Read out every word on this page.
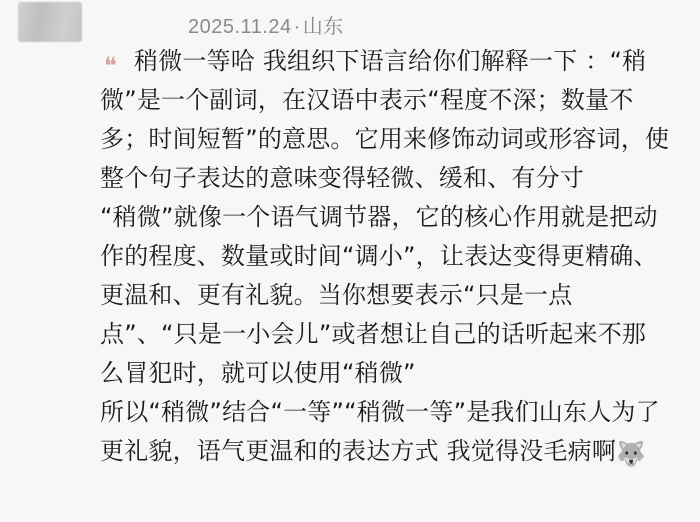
2025.11.24 · 山东
❝ 稍微一等哈 我组织下语言给你们解释一下 ：“稍微”是一个副词，在汉语中表示“程度不深；数量不多；时间短暂”的意思。它用来修饰动词或形容词，使整个句子表达的意味变得轻微、缓和、有分寸

“稍微”就像一个语气调节器，它的核心作用就是把动作的程度、数量或时间“调小”，让表达变得更精确、更温和、更有礼貌。当你想要表示“只是一点点”、“只是一小会儿”或者想让自己的话听起来不那么冒犯时，就可以使用“稍微”

所以“稍微”结合“一等”“稍微一等”是我们山东人为了更礼貌，语气更温和的表达方式 我觉得没毛病啊🐺
